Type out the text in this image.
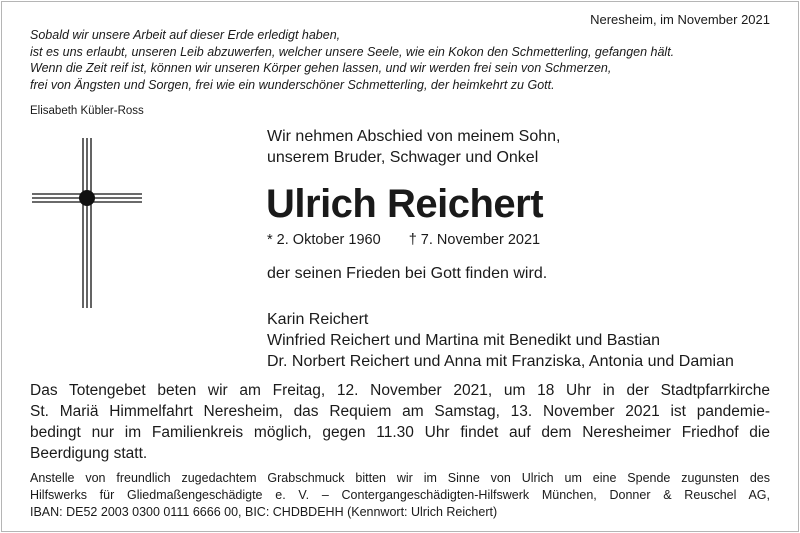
Neresheim, im November 2021
Sobald wir unsere Arbeit auf dieser Erde erledigt haben,
ist es uns erlaubt, unseren Leib abzuwerfen, welcher unsere Seele, wie ein Kokon den Schmetterling, gefangen hält.
Wenn die Zeit reif ist, können wir unseren Körper gehen lassen, und wir werden frei sein von Schmerzen,
frei von Ängsten und Sorgen, frei wie ein wunderschöner Schmetterling, der heimkehrt zu Gott.
Elisabeth Kübler-Ross
Wir nehmen Abschied von meinem Sohn,
unserem Bruder, Schwager und Onkel
Ulrich Reichert
* 2. Oktober 1960 † 7. November 2021
der seinen Frieden bei Gott finden wird.
Karin Reichert
Winfried Reichert und Martina mit Benedikt und Bastian
Dr. Norbert Reichert und Anna mit Franziska, Antonia und Damian
Das Totengebet beten wir am Freitag, 12. November 2021, um 18 Uhr in der Stadtpfarrkirche
St. Mariä Himmelfahrt Neresheim, das Requiem am Samstag, 13. November 2021 ist pandemie-
bedingt nur im Familienkreis möglich, gegen 11.30 Uhr findet auf dem Neresheimer Friedhof die
Beerdigung statt.
Anstelle von freundlich zugedachtem Grabschmuck bitten wir im Sinne von Ulrich um eine Spende zugunsten des
Hilfswerks für Gliedmaßengeschädigte e. V. – Contergangeschädigten-Hilfswerk München, Donner & Reuschel AG,
IBAN: DE52 2003 0300 0111 6666 00, BIC: CHDBDEHH (Kennwort: Ulrich Reichert)
